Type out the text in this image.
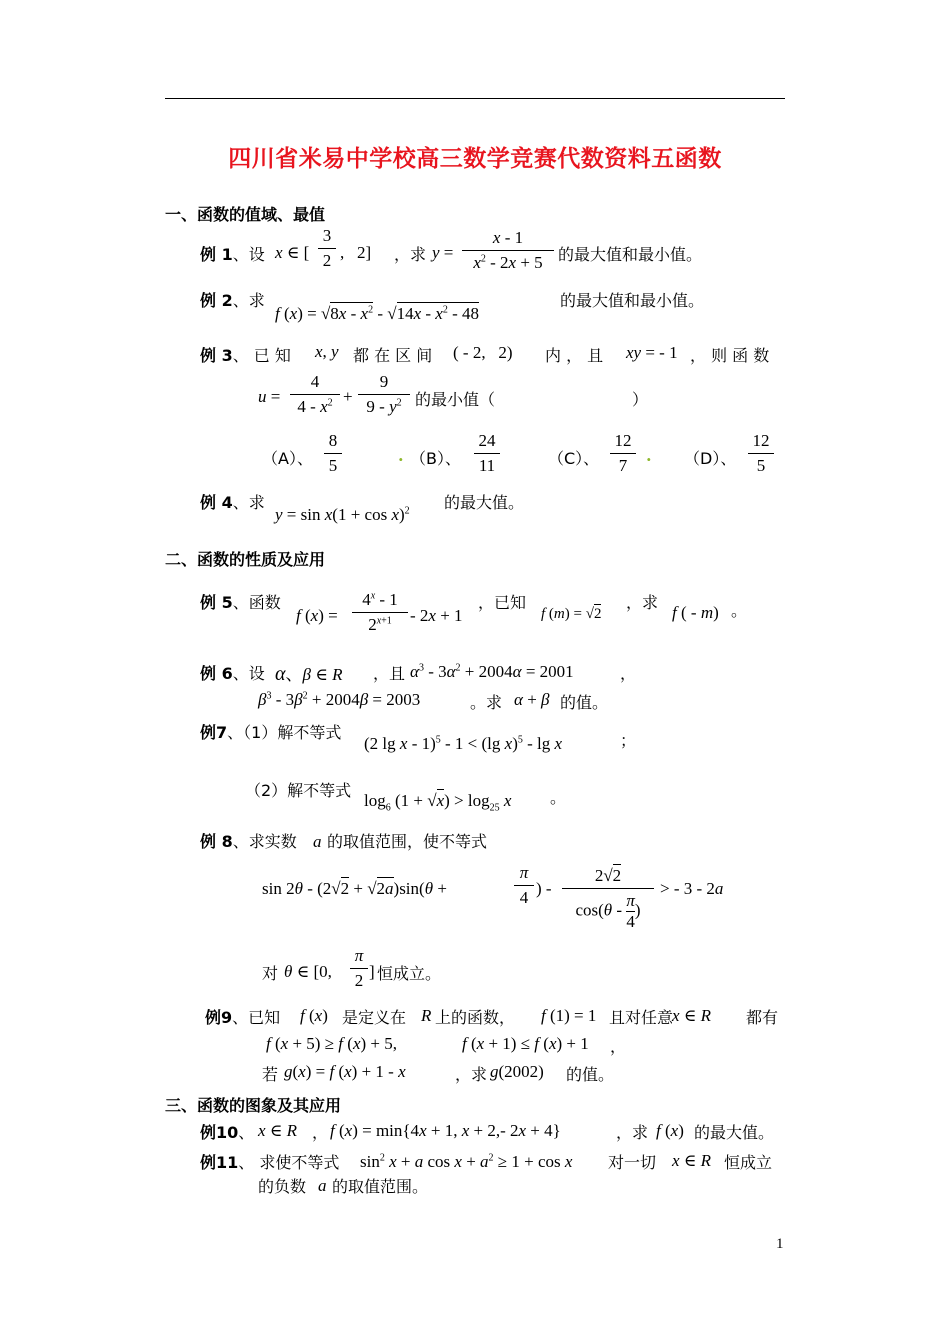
四川省米易中学校高三数学竞赛代数资料五函数
一、函数的值域、最值
例 1、设 x ∈ [
3
2 ,   2] ，求 y =
x - 1
$x^2 - 2x + 5$ 的最大值和最小值。
例 2、求
f $(x) = √8x - x^2 - √14x - x^2 - 48$
的最大值和最小值。
例 3、 已 知 x, y 都 在 区 间 ( - 2,   2) 内 ， 且 xy = - 1 ， 则 函 数
u =
4
$4 - x^2$ +
9
$9 - y^2$ 的最小值（	）
（A）、
8
5
. （B）、
24
11	（C）、
12
7
. （D）、
12
5
例 4、求
$y = \sin x(1 + \cos x)^2$ 的最大值。
二、函数的性质及应用
例 5、函数
f (x) =
$4^x - 1$
$2^{x+1}$	- 2x + 1
，已知
f (m) = √2
，求
f ( - m) 。
例 6、设 α、β ∈ R ，且 $\alpha^3 - 3\alpha^2 + 2004\alpha = 2001$	，
$\beta^3 - 3\beta^2 + 2004\beta = 2003$	。求 α + β 的值。
例7、（1）解不等式
(2 lg x - 1)$^5$ - 1 < (lg x)$^5$ - lg x	；
（2）解不等式
$\log_6 (1 + √x) > \log_{25} x$ 。
例 8、求实数 a 的取值范围，使不等式
sin 2θ - (2√2 + √2a)sin(θ +
π
4 ) -
2√2
$\cos(\theta - \frac{\pi}{4}$ )
> - 3 - 2a
对 θ ∈ [0,
π
2 ] 恒成立。
例9、已知 f (x) 是定义在 R 上的函数， f (1) = 1 且对任意
x ∈ R 都有
f (x + 5) ≥ f (x) + 5,	f (x + 1) ≤ f (x) + 1 ，
若 g(x) = f (x) + 1 - x	，求 g(2002) 的值。
三、函数的图象及其应用
例10、 x ∈ R ， f (x) = min{4x + 1, x + 2,- 2x + 4}	，求 f (x) 的最大值。
例11、 求使不等式 $\sin^2 x + a$ $\cos x + a^2 \ge 1 + \cos x$ 对一切 x ∈ R 恒成立
的负数 a 的取值范围。
1
